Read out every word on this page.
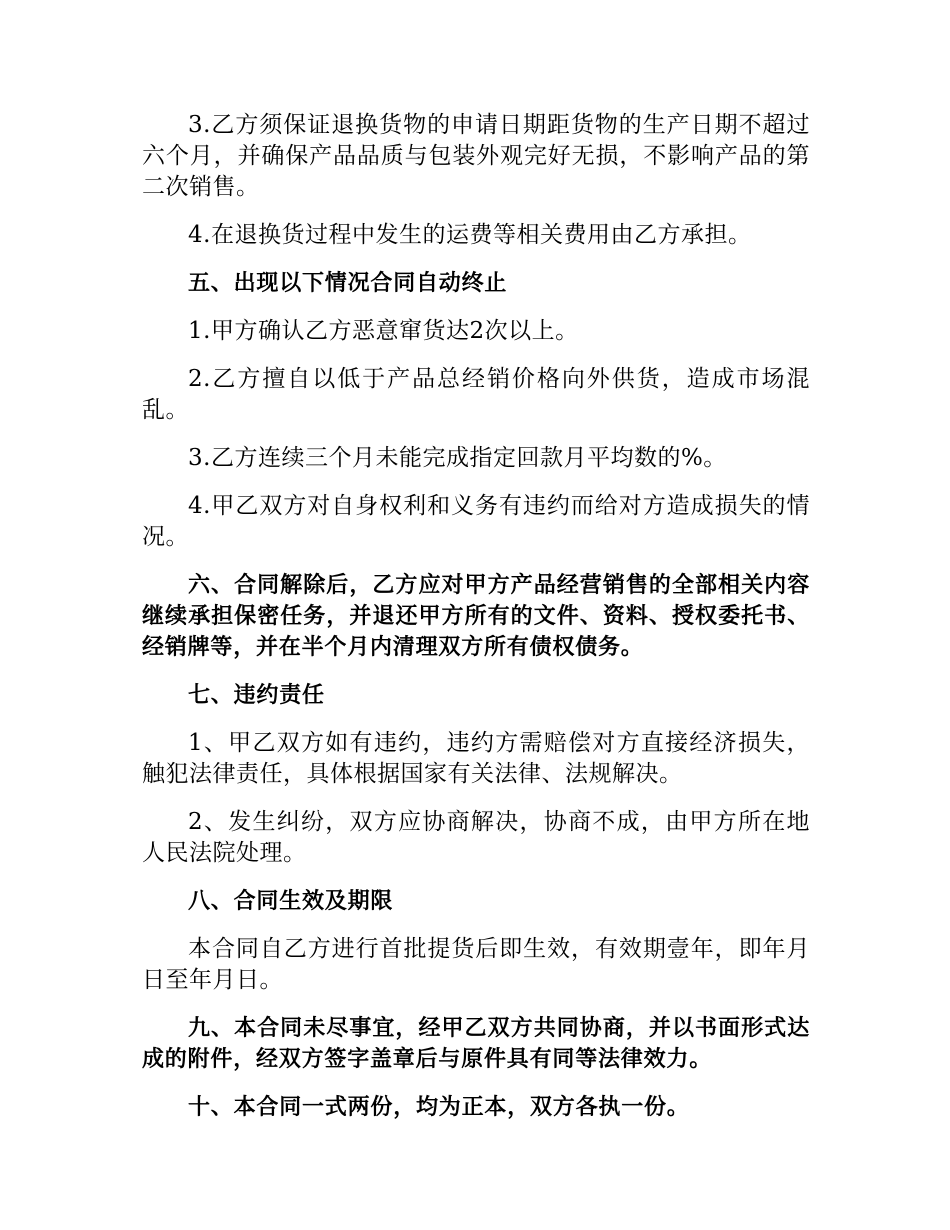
3.乙方须保证退换货物的申请日期距货物的生产日期不超过六个月，并确保产品品质与包装外观完好无损，不影响产品的第二次销售。

4.在退换货过程中发生的运费等相关费用由乙方承担。

五、出现以下情况合同自动终止

1.甲方确认乙方恶意窜货达2次以上。

2.乙方擅自以低于产品总经销价格向外供货，造成市场混乱。

3.乙方连续三个月未能完成指定回款月平均数的%。

4.甲乙双方对自身权利和义务有违约而给对方造成损失的情况。

六、合同解除后，乙方应对甲方产品经营销售的全部相关内容继续承担保密任务，并退还甲方所有的文件、资料、授权委托书、经销牌等，并在半个月内清理双方所有债权债务。

七、违约责任

1、甲乙双方如有违约，违约方需赔偿对方直接经济损失，触犯法律责任，具体根据国家有关法律、法规解决。

2、发生纠纷，双方应协商解决，协商不成，由甲方所在地人民法院处理。

八、合同生效及期限

本合同自乙方进行首批提货后即生效，有效期壹年，即年月日至年月日。

九、本合同未尽事宜，经甲乙双方共同协商，并以书面形式达成的附件，经双方签字盖章后与原件具有同等法律效力。

十、本合同一式两份，均为正本，双方各执一份。
